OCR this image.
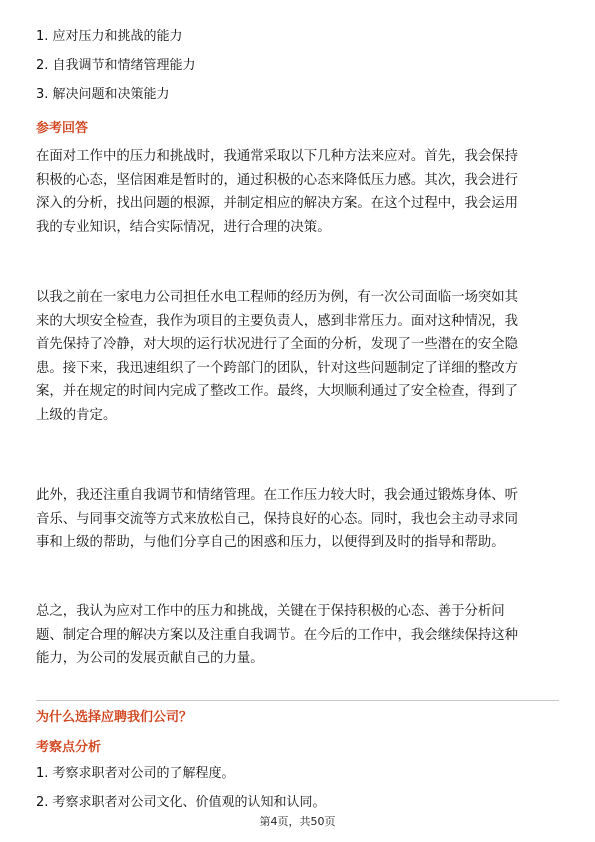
1. 应对压力和挑战的能力
2. 自我调节和情绪管理能力
3. 解决问题和决策能力
参考回答
在面对工作中的压力和挑战时，我通常采取以下几种方法来应对。首先，我会保持
积极的心态，坚信困难是暂时的，通过积极的心态来降低压力感。其次，我会进行
深入的分析，找出问题的根源，并制定相应的解决方案。在这个过程中，我会运用
我的专业知识，结合实际情况，进行合理的决策。
以我之前在一家电力公司担任水电工程师的经历为例，有一次公司面临一场突如其
来的大坝安全检查，我作为项目的主要负责人，感到非常压力。面对这种情况，我
首先保持了冷静，对大坝的运行状况进行了全面的分析，发现了一些潜在的安全隐
患。接下来，我迅速组织了一个跨部门的团队，针对这些问题制定了详细的整改方
案，并在规定的时间内完成了整改工作。最终，大坝顺利通过了安全检查，得到了
上级的肯定。
此外，我还注重自我调节和情绪管理。在工作压力较大时，我会通过锻炼身体、听
音乐、与同事交流等方式来放松自己，保持良好的心态。同时，我也会主动寻求同
事和上级的帮助，与他们分享自己的困惑和压力，以便得到及时的指导和帮助。
总之，我认为应对工作中的压力和挑战，关键在于保持积极的心态、善于分析问
题、制定合理的解决方案以及注重自我调节。在今后的工作中，我会继续保持这种
能力，为公司的发展贡献自己的力量。
为什么选择应聘我们公司？
考察点分析
1. 考察求职者对公司的了解程度。
2. 考察求职者对公司文化、价值观的认知和认同。
第4页，共50页
